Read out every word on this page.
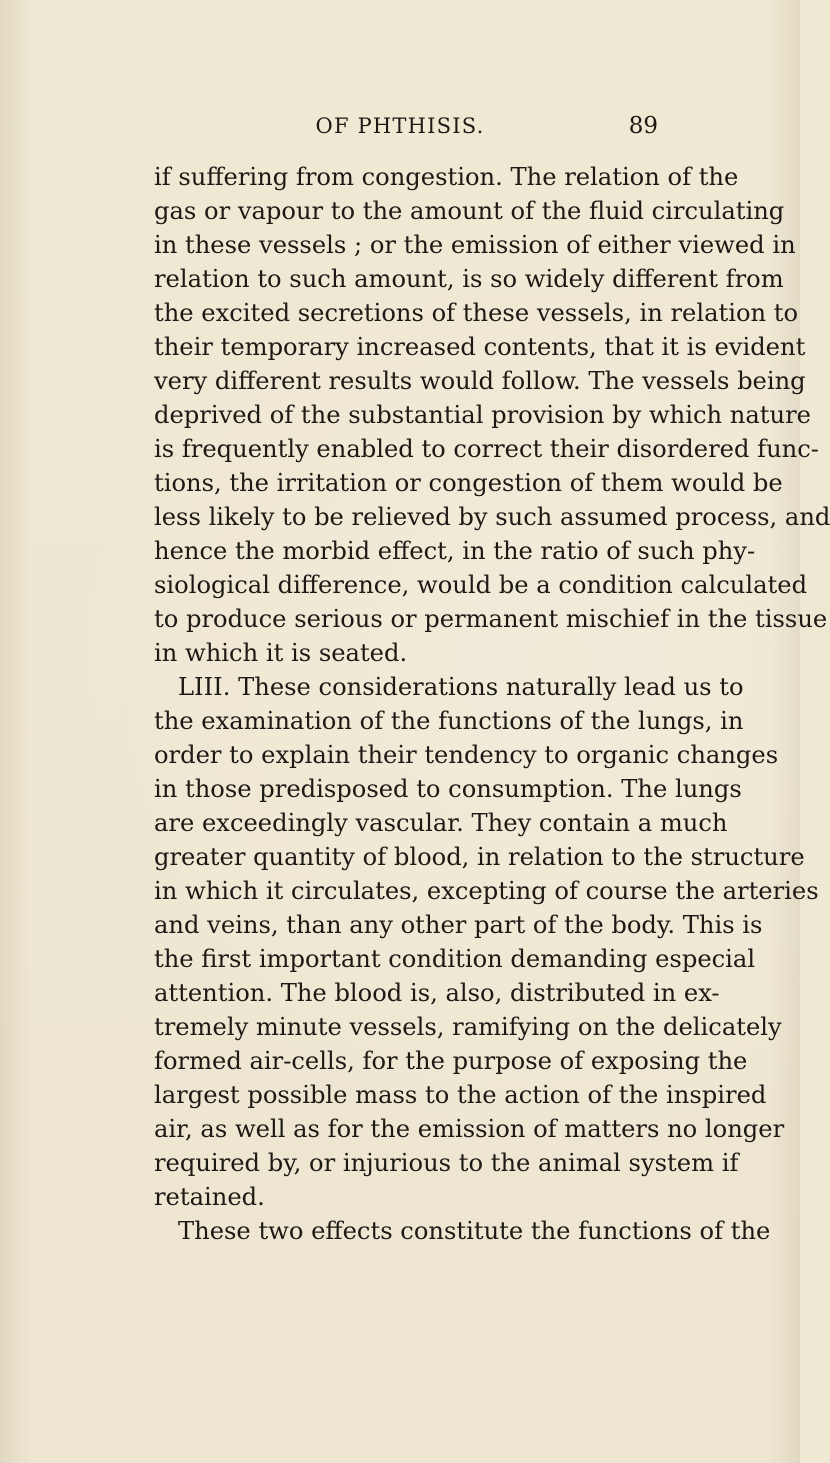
OF PHTHISIS.	89
if suffering from congestion. The relation of the
gas or vapour to the amount of the fluid circulating
in these vessels ; or the emission of either viewed in
relation to such amount, is so widely different from
the excited secretions of these vessels, in relation to
their temporary increased contents, that it is evident
very different results would follow. The vessels being
deprived of the substantial provision by which nature
is frequently enabled to correct their disordered func-
tions, the irritation or congestion of them would be
less likely to be relieved by such assumed process, and
hence the morbid effect, in the ratio of such phy-
siological difference, would be a condition calculated
to produce serious or permanent mischief in the tissue
in which it is seated.
LIII. These considerations naturally lead us to
the examination of the functions of the lungs, in
order to explain their tendency to organic changes
in those predisposed to consumption. The lungs
are exceedingly vascular. They contain a much
greater quantity of blood, in relation to the structure
in which it circulates, excepting of course the arteries
and veins, than any other part of the body. This is
the first important condition demanding especial
attention. The blood is, also, distributed in ex-
tremely minute vessels, ramifying on the delicately
formed air-cells, for the purpose of exposing the
largest possible mass to the action of the inspired
air, as well as for the emission of matters no longer
required by, or injurious to the animal system if
retained.
These two effects constitute the functions of the
